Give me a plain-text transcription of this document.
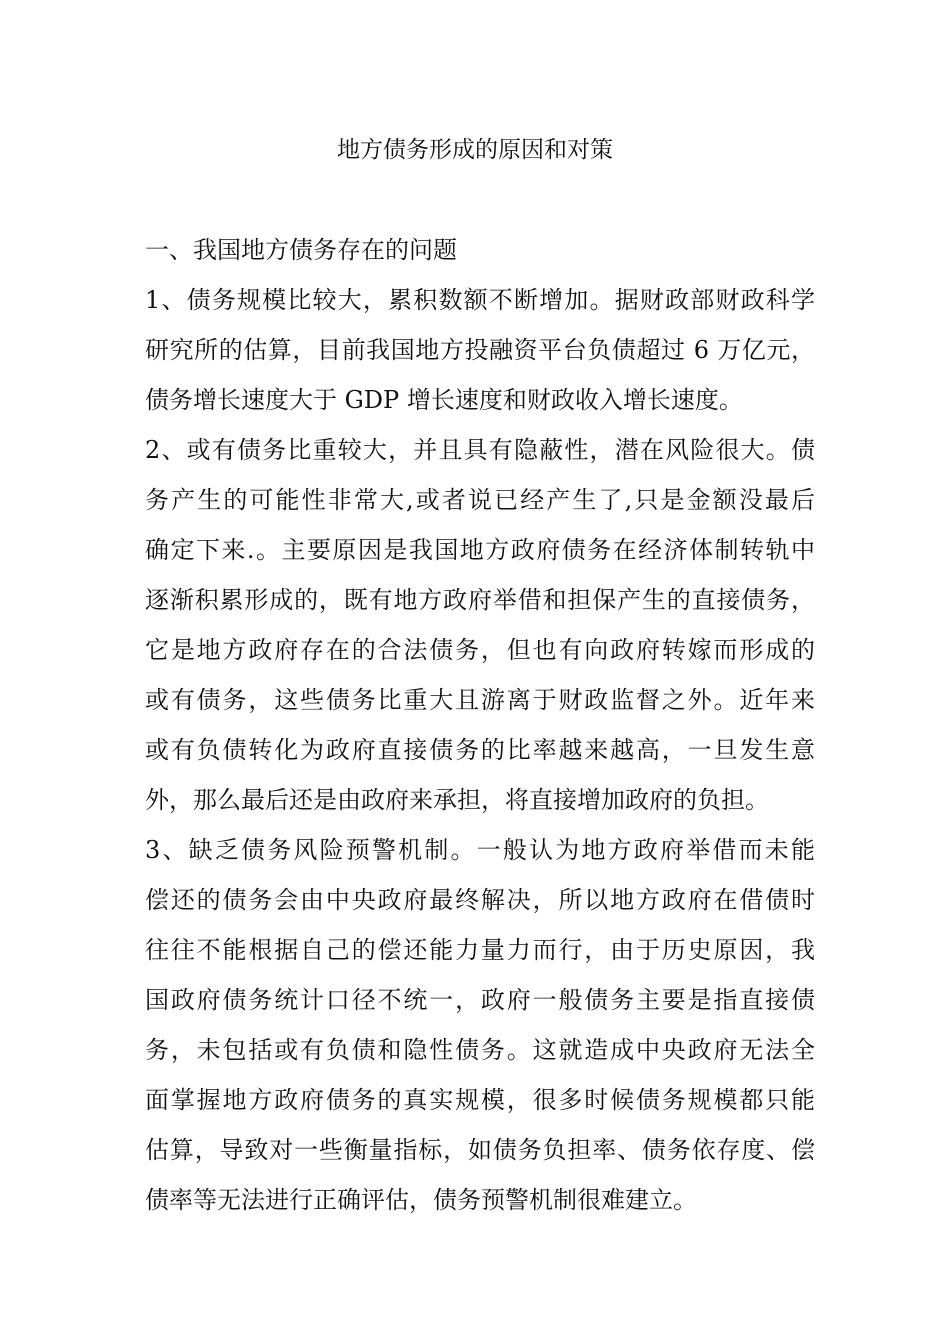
地方债务形成的原因和对策
一、我国地方债务存在的问题
1、债务规模比较大，累积数额不断增加。据财政部财政科学
研究所的估算，目前我国地方投融资平台负债超过 6 万亿元，
债务增长速度大于 GDP 增长速度和财政收入增长速度。
2、或有债务比重较大，并且具有隐蔽性，潜在风险很大。债
务产生的可能性非常大,或者说已经产生了,只是金额没最后
确定下来.。主要原因是我国地方政府债务在经济体制转轨中
逐渐积累形成的，既有地方政府举借和担保产生的直接债务，
它是地方政府存在的合法债务，但也有向政府转嫁而形成的
或有债务，这些债务比重大且游离于财政监督之外。近年来
或有负债转化为政府直接债务的比率越来越高，一旦发生意
外，那么最后还是由政府来承担，将直接增加政府的负担。
3、缺乏债务风险预警机制。一般认为地方政府举借而未能
偿还的债务会由中央政府最终解决，所以地方政府在借债时
往往不能根据自己的偿还能力量力而行，由于历史原因，我
国政府债务统计口径不统一，政府一般债务主要是指直接债
务，未包括或有负债和隐性债务。这就造成中央政府无法全
面掌握地方政府债务的真实规模，很多时候债务规模都只能
估算，导致对一些衡量指标，如债务负担率、债务依存度、偿
债率等无法进行正确评估，债务预警机制很难建立。
